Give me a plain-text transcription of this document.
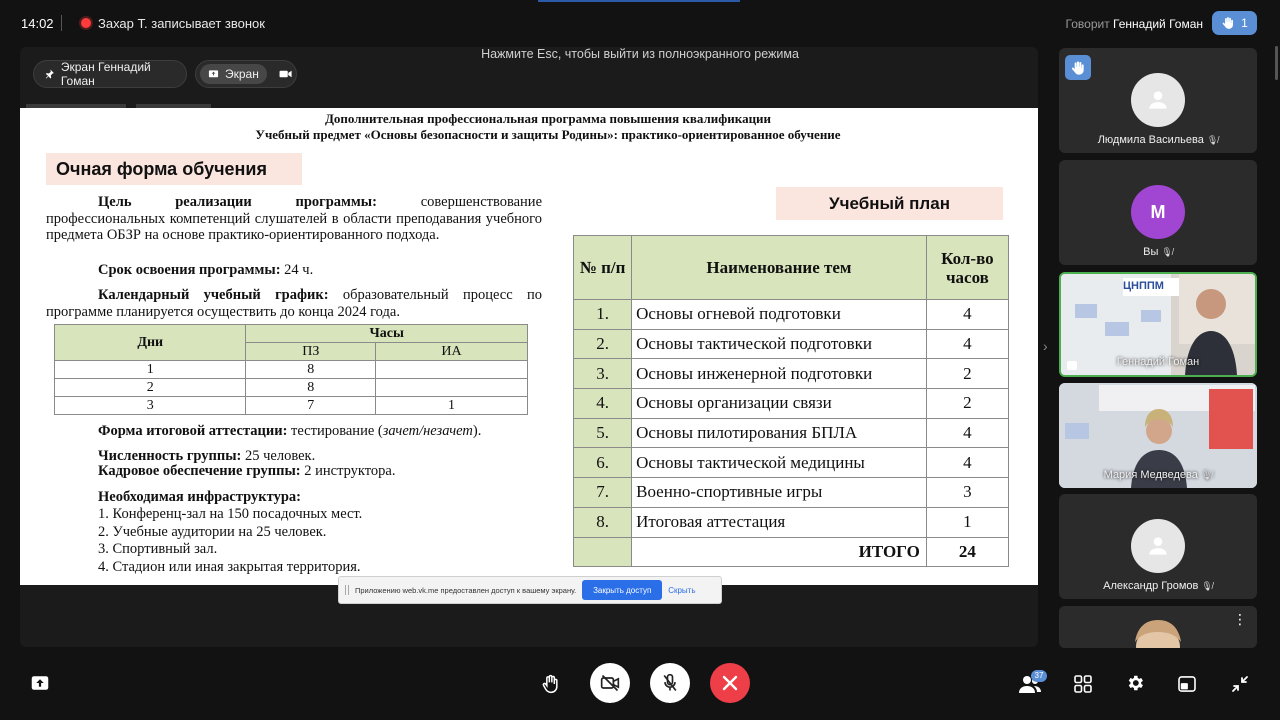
14:02	Захар Т. записывает звонок	Говорит Геннадий Гоман	1
Нажмите Esc, чтобы выйти из полноэкранного режима
Экран Геннадий Гоман	Экран
Дополнительная профессиональная программа повышения квалификации
Учебный предмет «Основы безопасности и защиты Родины»: практико-ориентированное обучение
Очная форма обучения
Учебный план
Цель реализации программы: совершенствование профессиональных компетенций слушателей в области преподавания учебного предмета ОБЗР на основе практико-ориентированного подхода.
Срок освоения программы: 24 ч.
Календарный учебный график: образовательный процесс по программе планируется осуществить до конца 2024 года.
Дни	Часы	
	ПЗ	ИА
1	8	
2	8	
3	7	1
Форма итоговой аттестации: тестирование (зачет/незачет).
Численность группы: 25 человек.
Кадровое обеспечение группы: 2 инструктора.
Необходимая инфраструктура:
1. Конференц-зал на 150 посадочных мест.
2. Учебные аудитории на 25 человек.
3. Спортивный зал.
4. Стадион или иная закрытая территория.
№ п/п	Наименование тем	Кол-во часов
1.	Основы огневой подготовки	4
2.	Основы тактической подготовки	4
3.	Основы инженерной подготовки	2
4.	Основы организации связи	2
5.	Основы пилотирования БПЛА	4
6.	Основы тактической медицины	4
7.	Военно-спортивные игры	3
8.	Итоговая аттестация	1
	ИТОГО	24
Приложению web.vk.me предоставлен доступ к вашему экрану.	Закрыть доступ	Скрыть
Людмила Васильева 🎙︎̸
М
Вы 🎙︎̸
ЦНППМ
Геннадий Гоман
›
Мария Медведева 🎙︎̸
Александр Громов 🎙︎̸
⋮
37
